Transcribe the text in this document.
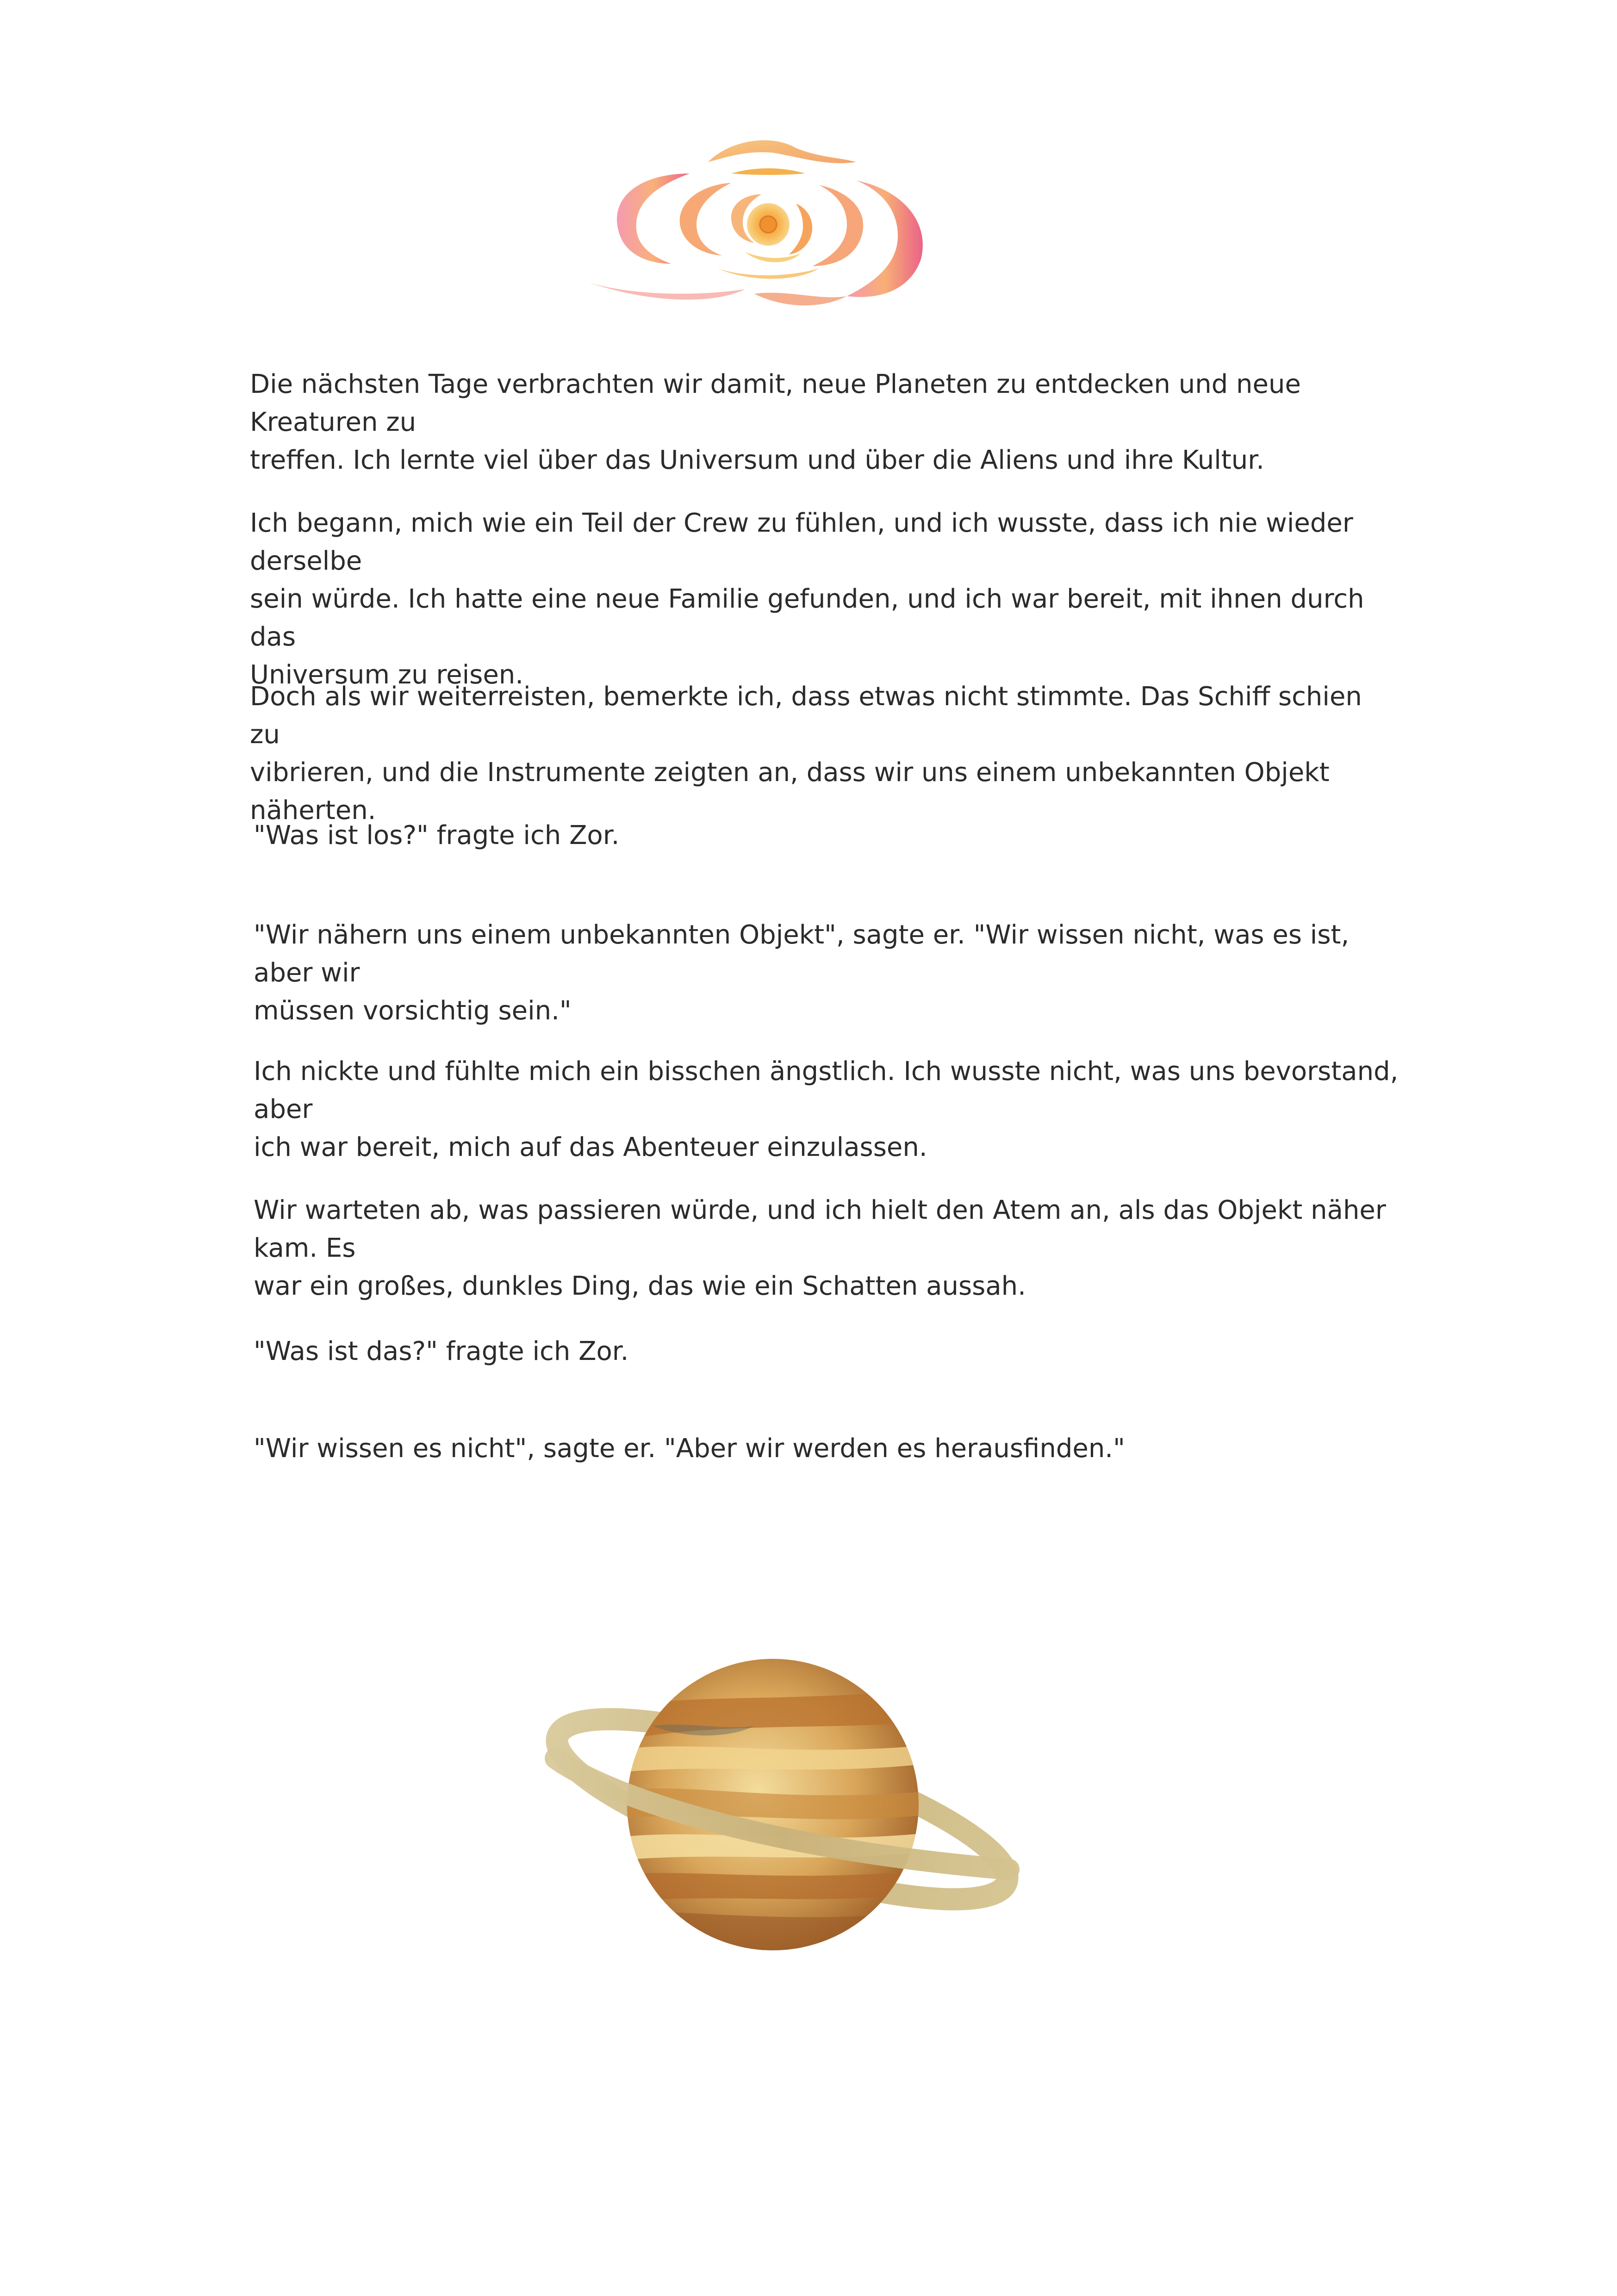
Die nächsten Tage verbrachten wir damit, neue Planeten zu entdecken und neue Kreaturen zu
treffen. Ich lernte viel über das Universum und über die Aliens und ihre Kultur.

Ich begann, mich wie ein Teil der Crew zu fühlen, und ich wusste, dass ich nie wieder derselbe
sein würde. Ich hatte eine neue Familie gefunden, und ich war bereit, mit ihnen durch das
Universum zu reisen.

Doch als wir weiterreisten, bemerkte ich, dass etwas nicht stimmte. Das Schiff schien zu
vibrieren, und die Instrumente zeigten an, dass wir uns einem unbekannten Objekt näherten.

"Was ist los?" fragte ich Zor.

"Wir nähern uns einem unbekannten Objekt", sagte er. "Wir wissen nicht, was es ist, aber wir
müssen vorsichtig sein."

Ich nickte und fühlte mich ein bisschen ängstlich. Ich wusste nicht, was uns bevorstand, aber
ich war bereit, mich auf das Abenteuer einzulassen.

Wir warteten ab, was passieren würde, und ich hielt den Atem an, als das Objekt näher kam. Es
war ein großes, dunkles Ding, das wie ein Schatten aussah.

"Was ist das?" fragte ich Zor.

"Wir wissen es nicht", sagte er. "Aber wir werden es herausfinden."
